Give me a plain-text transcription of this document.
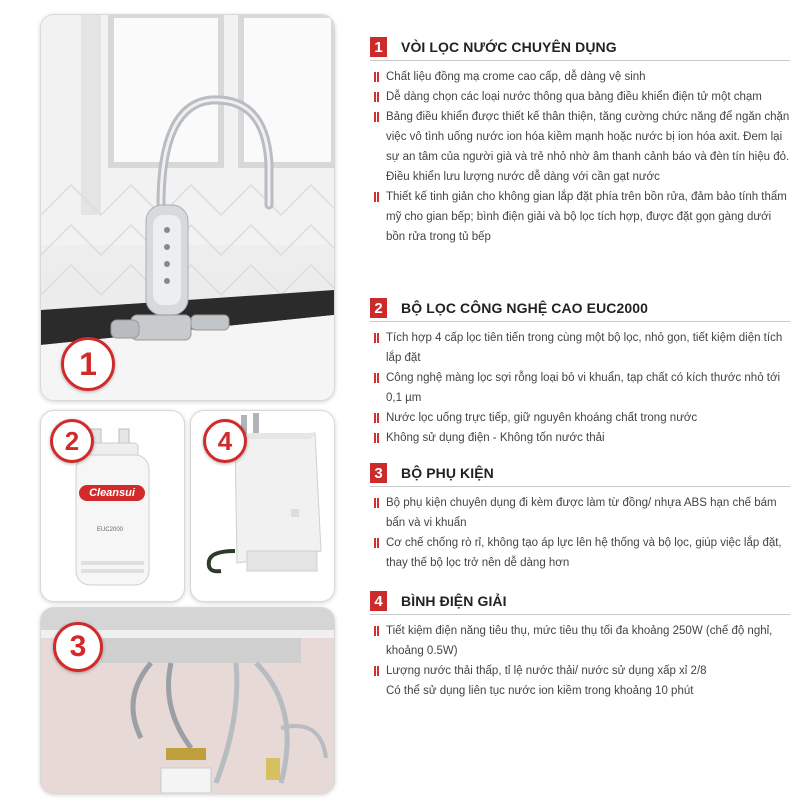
1
2
Cleansui
EUC2000
4
3
1	VÒI LỌC NƯỚC CHUYÊN DỤNG
Chất liệu đồng mạ crome cao cấp, dễ dàng vệ sinh
Dễ dàng chọn các loại nước thông qua bảng điều khiển điện tử một chạm
Bảng điều khiển được thiết kế thân thiện, tăng cường chức năng để ngăn chặn việc vô tình uống nước ion hóa kiềm mạnh hoặc nước bị ion hóa axit. Đem lại sự an tâm của người già và trẻ nhỏ nhờ âm thanh cảnh báo và đèn tín hiệu đỏ.
Điều khiển lưu lượng nước dễ dàng với cần gạt nước
Thiết kế tinh giản cho không gian lắp đặt phía trên bồn rửa, đảm bảo tính thẩm mỹ cho gian bếp; bình điện giải và bộ lọc tích hợp, được đặt gọn gàng dưới bồn rửa trong tủ bếp
2	BỘ LỌC CÔNG NGHỆ CAO EUC2000
Tích hợp 4 cấp lọc tiên tiến trong cùng một bộ lọc, nhỏ gọn, tiết kiệm diện tích lắp đặt
Công nghệ màng lọc sợi rỗng loại bỏ vi khuẩn, tạp chất có kích thước nhỏ tới 0,1 µm
Nước lọc uống trực tiếp, giữ nguyên khoáng chất trong nước
Không sử dụng điện - Không tốn nước thải
3	BỘ PHỤ KIỆN
Bộ phụ kiện chuyên dụng đi kèm được làm từ đồng/ nhựa ABS hạn chế bám bẩn và vi khuẩn
Cơ chế chống rò rỉ, không tạo áp lực lên hệ thống và bộ lọc, giúp việc lắp đặt, thay thế bộ lọc trở nên dễ dàng hơn
4	BÌNH ĐIỆN GIẢI
Tiết kiệm điện năng tiêu thụ, mức tiêu thụ tối đa khoảng 250W (chế độ nghỉ, khoảng 0.5W)
Lượng nước thải thấp, tỉ lệ nước thải/ nước sử dụng xấp xỉ 2/8
Có thể sử dụng liên tục nước ion kiềm trong khoảng 10 phút
